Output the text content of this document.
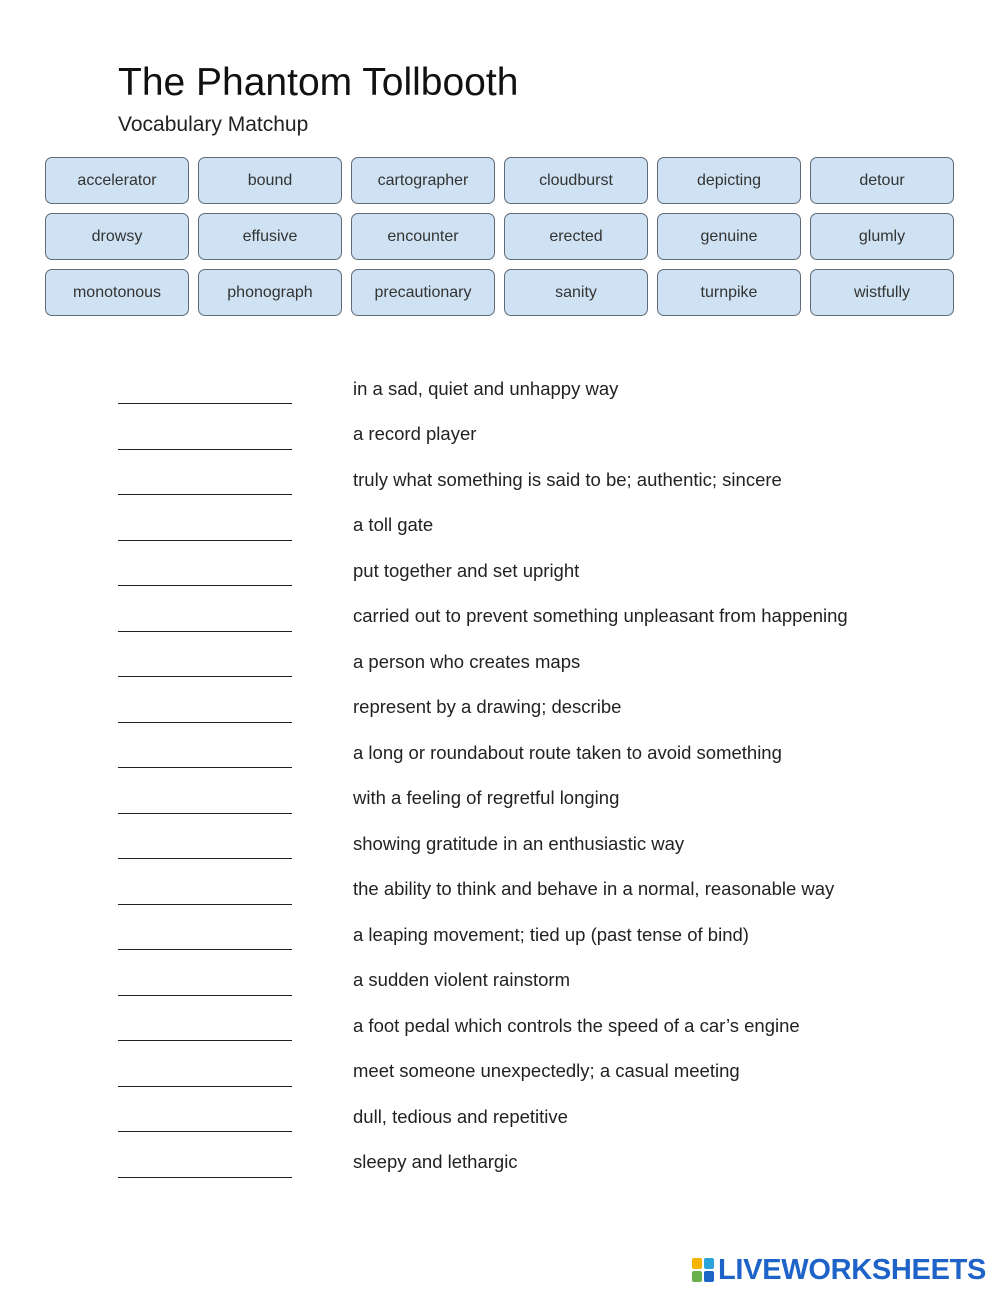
The Phantom Tollbooth
Vocabulary Matchup
accelerator	bound	cartographer	cloudburst	depicting	detour
drowsy	effusive	encounter	erected	genuine	glumly
monotonous	phonograph	precautionary	sanity	turnpike	wistfully
in a sad, quiet and unhappy way
a record player
truly what something is said to be; authentic; sincere
a toll gate
put together and set upright
carried out to prevent something unpleasant from happening
a person who creates maps
represent by a drawing; describe
a long or roundabout route taken to avoid something
with a feeling of regretful longing
showing gratitude in an enthusiastic way
the ability to think and behave in a normal, reasonable way
a leaping movement; tied up (past tense of bind)
a sudden violent rainstorm
a foot pedal which controls the speed of a car’s engine
meet someone unexpectedly; a casual meeting
dull, tedious and repetitive
sleepy and lethargic
LIVEWORKSHEETS
